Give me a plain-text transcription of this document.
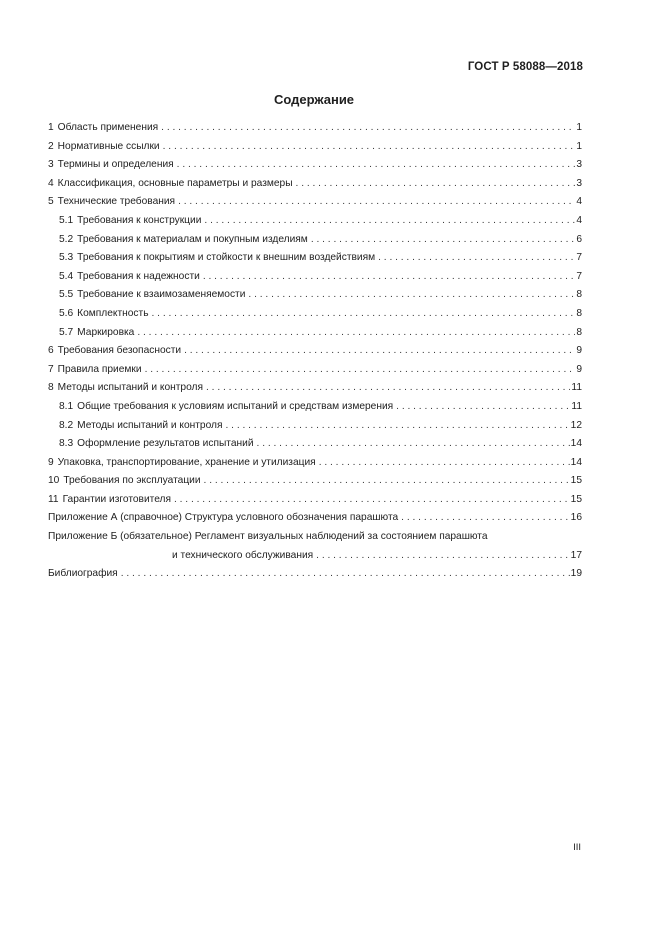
ГОСТ Р 58088—2018
Содержание
1 Область применения . . .	1
2 Нормативные ссылки . . .	1
3 Термины и определения . . .	3
4 Классификация, основные параметры и размеры . . .	3
5 Технические требования . . .	4
5.1 Требования к конструкции . . .	4
5.2 Требования к материалам и покупным изделиям . . .	6
5.3 Требования к покрытиям и стойкости к внешним воздействиям . . .	7
5.4 Требования к надежности . . .	7
5.5 Требование к взаимозаменяемости . . .	8
5.6 Комплектность . . .	8
5.7 Маркировка . . .	8
6 Требования безопасности . . .	9
7 Правила приемки . . .	9
8 Методы испытаний и контроля . . .	11
8.1 Общие требования к условиям испытаний и средствам измерения . . .	11
8.2 Методы испытаний и контроля . . .	12
8.3 Оформление результатов испытаний . . .	14
9 Упаковка, транспортирование, хранение и утилизация . . .	14
10 Требования по эксплуатации . . .	15
11 Гарантии изготовителя . . .	15
Приложение А (справочное) Структура условного обозначения парашюта . . .	16
Приложение Б (обязательное) Регламент визуальных наблюдений за состоянием парашюта
и технического обслуживания . . .	17
Библиография . . .	19
III
